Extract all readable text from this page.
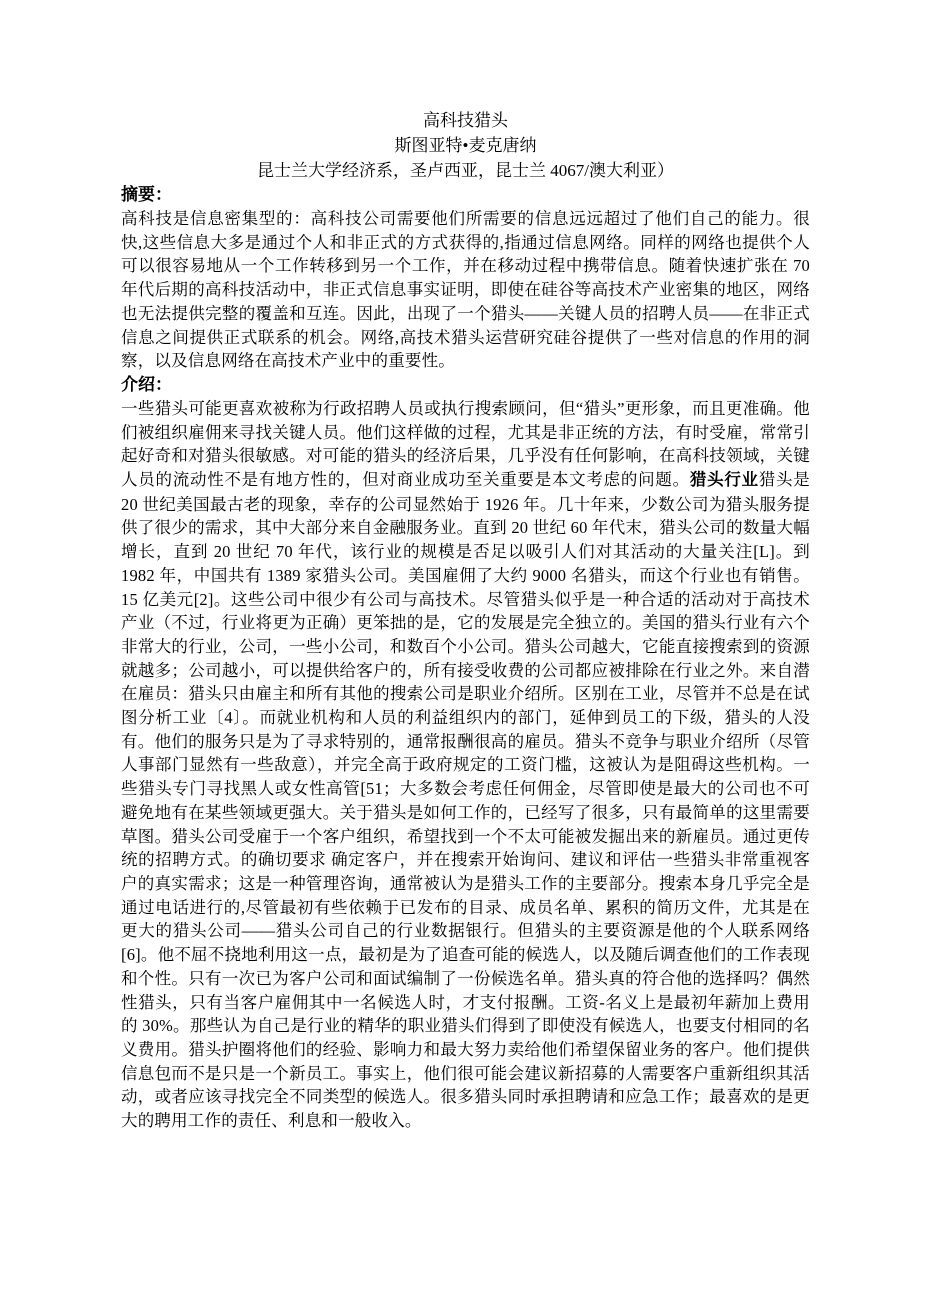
高科技猎头
斯图亚特•麦克唐纳
昆士兰大学经济系，圣卢西亚，昆士兰 4067/澳大利亚）
摘要：

高科技是信息密集型的：高科技公司需要他们所需要的信息远远超过了他们自己的能力。很快,这些信息大多是通过个人和非正式的方式获得的,指通过信息网络。同样的网络也提供个人可以很容易地从一个工作转移到另一个工作，并在移动过程中携带信息。随着快速扩张在 70 年代后期的高科技活动中，非正式信息事实证明，即使在硅谷等高技术产业密集的地区，网络也无法提供完整的覆盖和互连。因此，出现了一个猎头——关键人员的招聘人员——在非正式信息之间提供正式联系的机会。网络,高技术猎头运营研究硅谷提供了一些对信息的作用的洞察，以及信息网络在高技术产业中的重要性。

介绍：

一些猎头可能更喜欢被称为行政招聘人员或执行搜索顾问，但“猎头”更形象，而且更准确。他们被组织雇佣来寻找关键人员。他们这样做的过程，尤其是非正统的方法，有时受雇，常常引起好奇和对猎头很敏感。对可能的猎头的经济后果，几乎没有任何影响，在高科技领域，关键人员的流动性不是有地方性的，但对商业成功至关重要是本文考虑的问题。猎头行业猎头是 20 世纪美国最古老的现象，幸存的公司显然始于 1926 年。几十年来，少数公司为猎头服务提供了很少的需求，其中大部分来自金融服务业。直到 20 世纪 60 年代末，猎头公司的数量大幅增长，直到 20 世纪 70 年代，该行业的规模是否足以吸引人们对其活动的大量关注[L]。到 1982 年，中国共有 1389 家猎头公司。美国雇佣了大约 9000 名猎头，而这个行业也有销售。15 亿美元[2]。这些公司中很少有公司与高技术。尽管猎头似乎是一种合适的活动对于高技术产业（不过，行业将更为正确）更笨拙的是，它的发展是完全独立的。美国的猎头行业有六个非常大的行业，公司，一些小公司，和数百个小公司。猎头公司越大，它能直接搜索到的资源就越多；公司越小，可以提供给客户的，所有接受收费的公司都应被排除在行业之外。来自潜在雇员：猎头只由雇主和所有其他的搜索公司是职业介绍所。区别在工业，尽管并不总是在试图分析工业〔4〕。而就业机构和人员的利益组织内的部门，延伸到员工的下级，猎头的人没有。他们的服务只是为了寻求特别的，通常报酬很高的雇员。猎头不竞争与职业介绍所（尽管人事部门显然有一些敌意），并完全高于政府规定的工资门槛，这被认为是阻碍这些机构。一些猎头专门寻找黑人或女性高管[51；大多数会考虑任何佣金，尽管即使是最大的公司也不可避免地有在某些领域更强大。关于猎头是如何工作的，已经写了很多，只有最简单的这里需要草图。猎头公司受雇于一个客户组织，希望找到一个不太可能被发掘出来的新雇员。通过更传统的招聘方式。的确切要求 确定客户，并在搜索开始询问、建议和评估一些猎头非常重视客户的真实需求；这是一种管理咨询，通常被认为是猎头工作的主要部分。搜索本身几乎完全是通过电话进行的,尽管最初有些依赖于已发布的目录、成员名单、累积的简历文件，尤其是在更大的猎头公司——猎头公司自己的行业数据银行。但猎头的主要资源是他的个人联系网络[6]。他不屈不挠地利用这一点，最初是为了追查可能的候选人，以及随后调查他们的工作表现和个性。只有一次已为客户公司和面试编制了一份候选名单。猎头真的符合他的选择吗？偶然性猎头，只有当客户雇佣其中一名候选人时，才支付报酬。工资-名义上是最初年薪加上费用的 30%。那些认为自己是行业的精华的职业猎头们得到了即使没有候选人，也要支付相同的名义费用。猎头护圈将他们的经验、影响力和最大努力卖给他们希望保留业务的客户。他们提供信息包而不是只是一个新员工。事实上，他们很可能会建议新招募的人需要客户重新组织其活动，或者应该寻找完全不同类型的候选人。很多猎头同时承担聘请和应急工作；最喜欢的是更大的聘用工作的责任、利息和一般收入。
